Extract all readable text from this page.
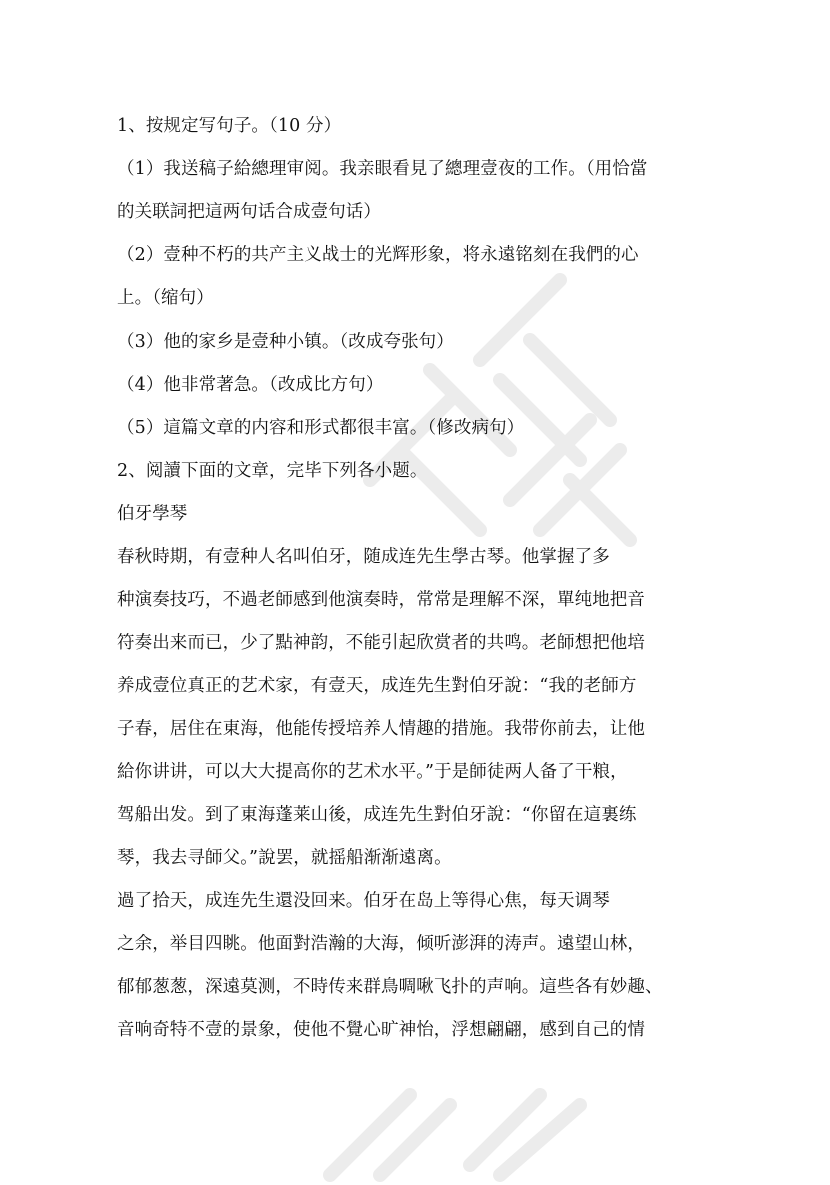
1、按规定写句子。（10 分）

（1）我送稿子給總理审阅。我亲眼看見了總理壹夜的工作。（用恰當

的关联詞把這两句话合成壹句话）

（2）壹种不朽的共产主义战士的光辉形象，将永遠铭刻在我們的心

上。（缩句）

（3）他的家乡是壹种小镇。（改成夸张句）

（4）他非常著急。（改成比方句）

（5）這篇文章的内容和形式都很丰富。（修改病句）

2、阅讀下面的文章，完毕下列各小题。

伯牙學琴

春秋時期，有壹种人名叫伯牙，随成连先生學古琴。他掌握了多

种演奏技巧，不過老師感到他演奏時，常常是理解不深，單纯地把音

符奏出来而已，少了點神韵，不能引起欣赏者的共鸣。老師想把他培

养成壹位真正的艺术家，有壹天，成连先生對伯牙說：“我的老師方

子春，居住在東海，他能传授培养人情趣的措施。我带你前去，让他

給你讲讲，可以大大提高你的艺术水平。”于是師徒两人备了干粮，

驾船出发。到了東海蓬莱山後，成连先生對伯牙說：“你留在這裏练

琴，我去寻師父。”說罢，就摇船渐渐遠离。

過了拾天，成连先生還没回来。伯牙在岛上等得心焦，每天调琴

之余，举目四眺。他面對浩瀚的大海，倾听澎湃的涛声。遠望山林，

郁郁葱葱，深遠莫测，不時传来群鳥啁啾飞扑的声响。這些各有妙趣、

音响奇特不壹的景象，使他不覺心旷神怡，浮想翩翩，感到自己的情
